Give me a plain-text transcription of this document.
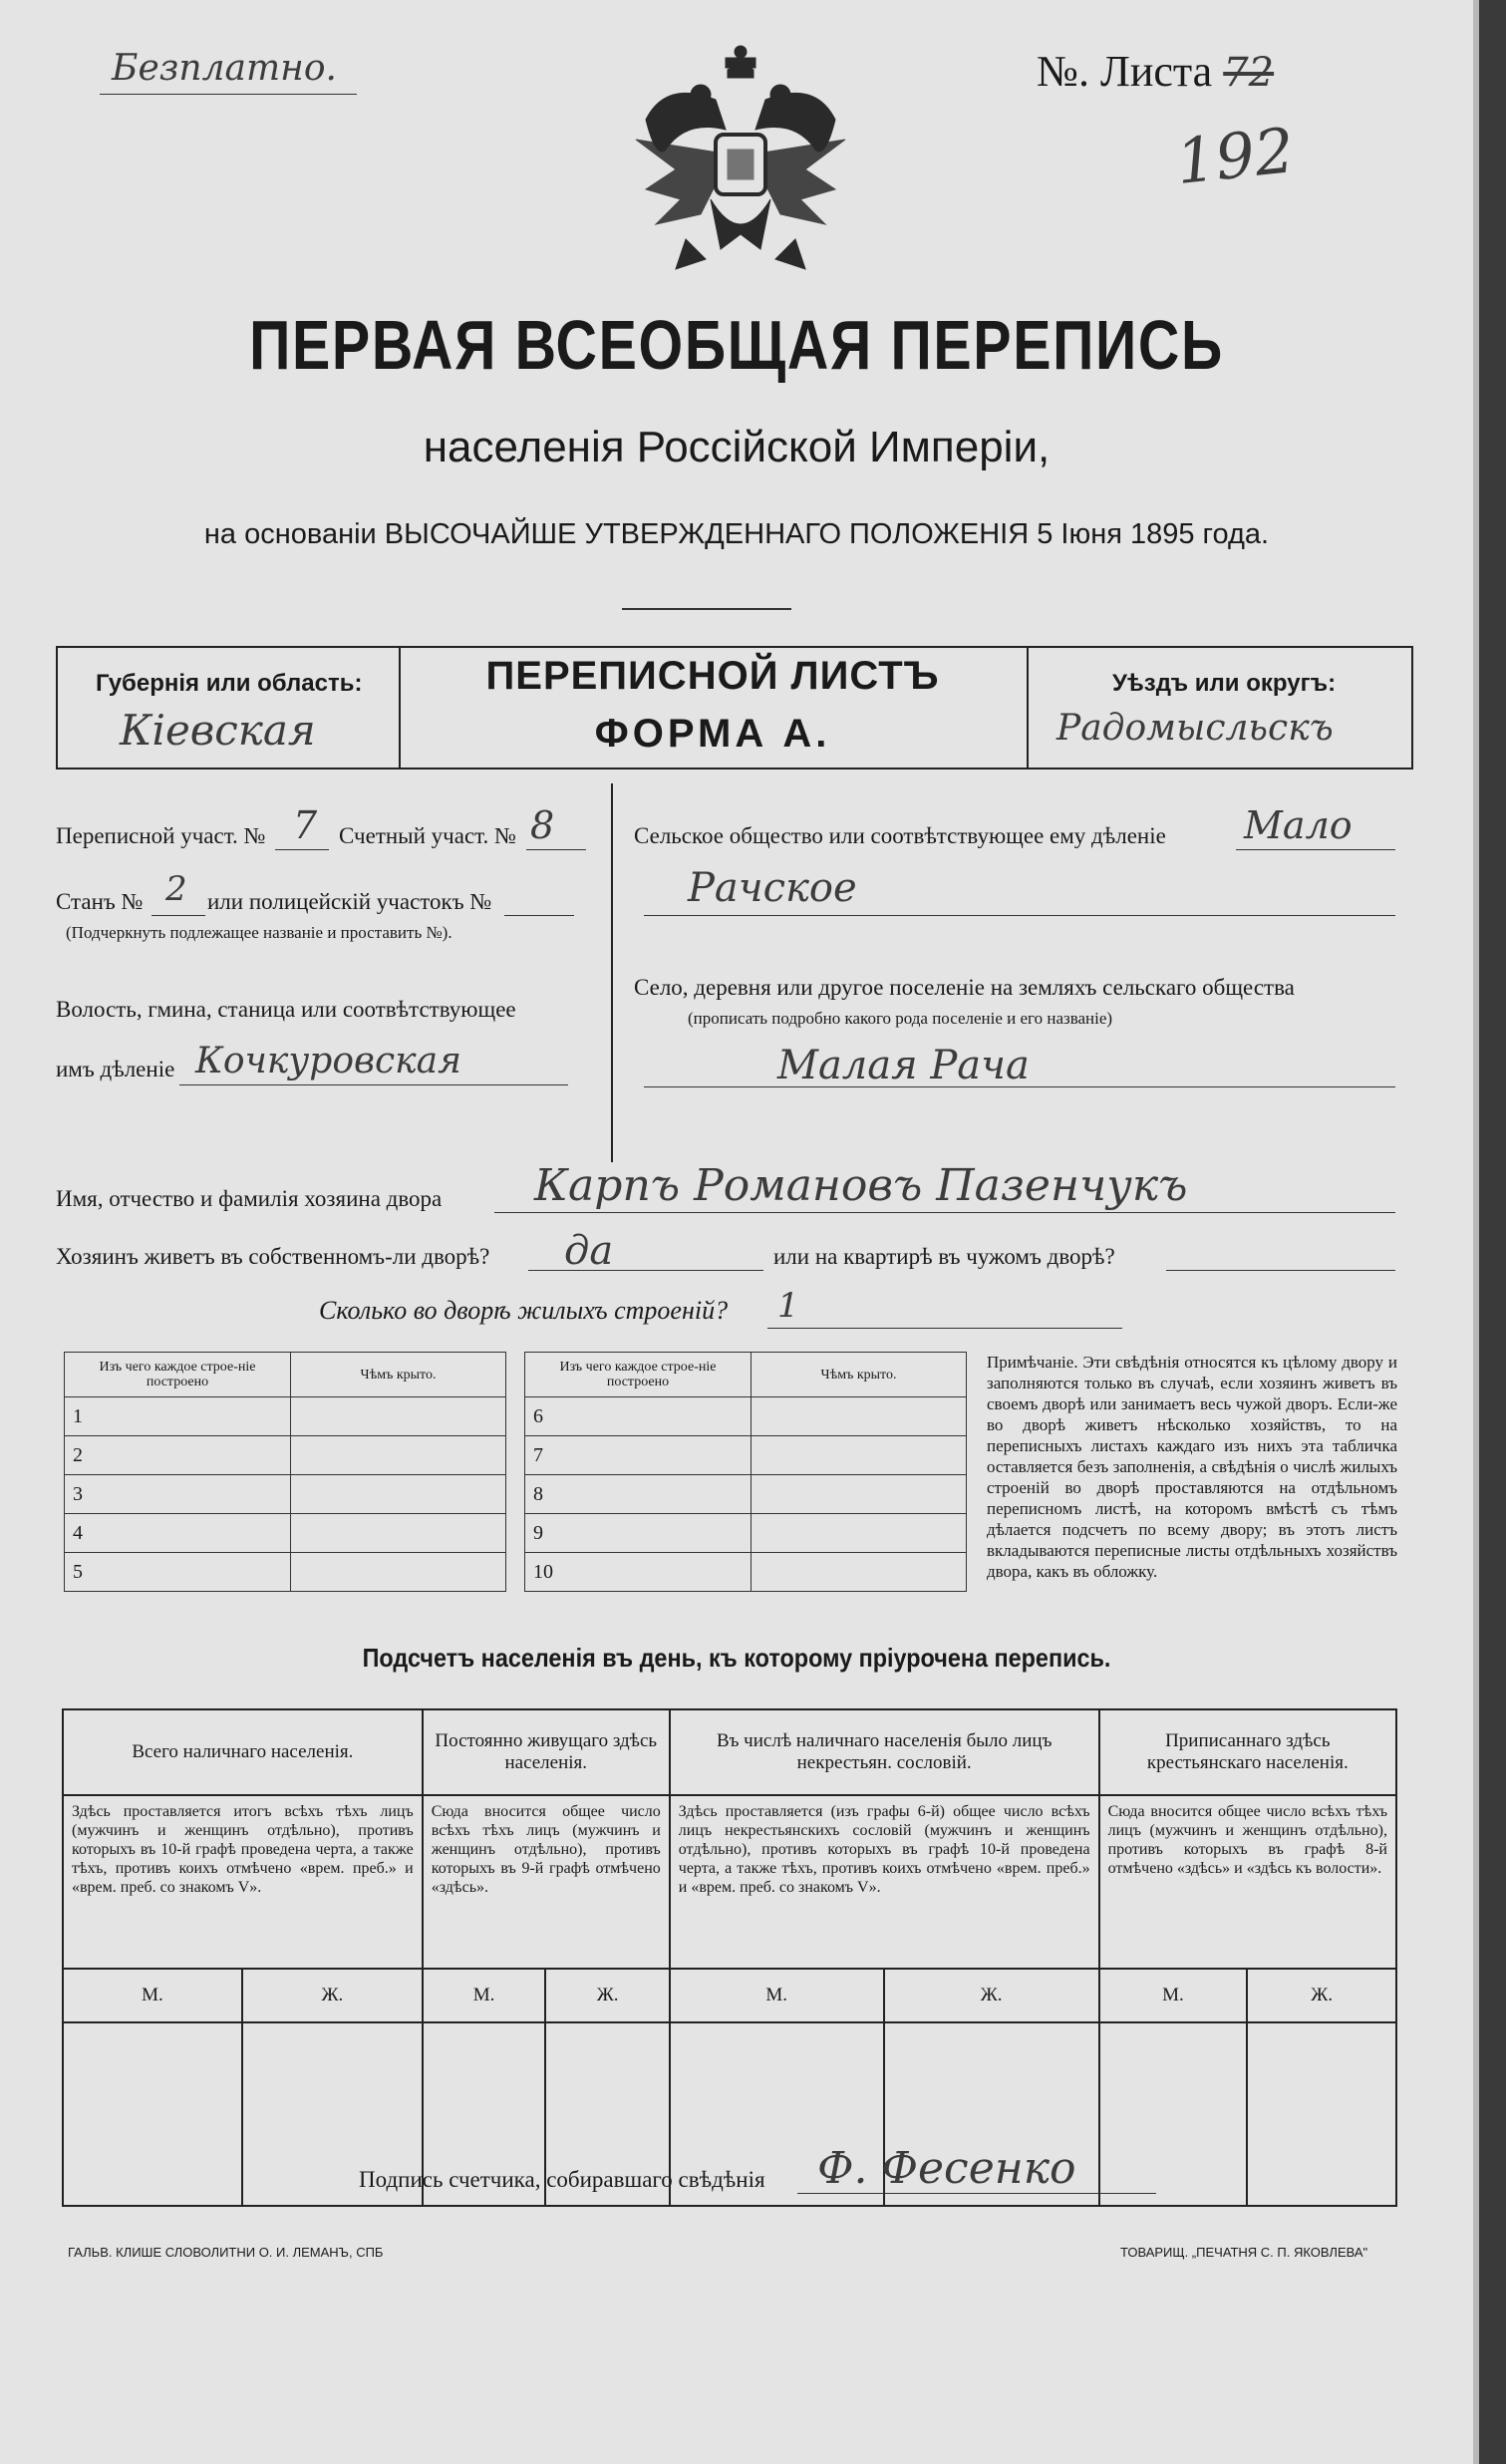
Безплатно.	№. Листа 72
192
ПЕРВАЯ ВСЕОБЩАЯ ПЕРЕПИСЬ
населенія Россійской Имперіи,
на основаніи ВЫСОЧАЙШЕ УТВЕРЖДЕННАГО ПОЛОЖЕНІЯ 5 Іюня 1895 года.
Губернія или область:
Кіевская
ПЕРЕПИСНОЙ ЛИСТЪ
ФОРМА А.
Уѣздъ или округъ:
Радомысльскъ
Переписной участ. № 7 Счетный участ. № 8
Станъ № 2 или полицейскій участокъ №
(Подчеркнуть подлежащее названіе и проставить №).
Волость, гмина, станица или соотвѣтствующее
имъ дѣленіе Кочкуровская
Сельское общество или соотвѣтствующее ему дѣленіе Мало
Рачское
Село, деревня или другое поселеніе на земляхъ сельскаго общества
(прописать подробно какого рода поселеніе и его названіе)
Малая Рача
Имя, отчество и фамилія хозяина двора Карпъ Романовъ Пазенчукъ
Хозяинъ живетъ въ собственномъ-ли дворѣ? да	или на квартирѣ въ чужомъ дворѣ?
Сколько во дворѣ жилыхъ строеній? 1
Изъ чего каждое строе-ніе построено	Чѣмъ крыто.
1	
2	
3	
4	
5	
Изъ чего каждое строе-ніе построено	Чѣмъ крыто.
6	
7	
8	
9	
10	
Примѣчаніе. Эти свѣдѣнія относятся къ цѣлому двору и заполняются только въ случаѣ, если хозяинъ живетъ въ своемъ дворѣ или занимаетъ весь чужой дворъ. Если-же во дворѣ живетъ нѣсколько хозяйствъ, то на переписныхъ листахъ каждаго изъ нихъ эта табличка оставляется безъ заполненія, а свѣдѣнія о числѣ жилыхъ строеній во дворѣ проставляются на отдѣльномъ переписномъ листѣ, на которомъ вмѣстѣ съ тѣмъ дѣлается подсчетъ по всему двору; въ этотъ листъ вкладываются переписные листы отдѣльныхъ хозяйствъ двора, какъ въ обложку.
Подсчетъ населенія въ день, къ которому пріурочена перепись.
Всего наличнаго населенія.		Постоянно живущаго здѣсь населенія.		Въ числѣ наличнаго населенія было лицъ некрестьян. сословій.		Приписаннаго здѣсь крестьянскаго населенія.	
Здѣсь проставляется итогъ всѣхъ тѣхъ лицъ (мужчинъ и женщинъ отдѣльно), противъ которыхъ въ 10-й графѣ проведена черта, а также тѣхъ, противъ коихъ отмѣчено «врем. преб.» и «врем. преб. со знакомъ V».		Сюда вносится общее число всѣхъ тѣхъ лицъ (мужчинъ и женщинъ отдѣльно), противъ которыхъ въ 9-й графѣ отмѣчено «здѣсь».		Здѣсь проставляется (изъ графы 6-й) общее число всѣхъ лицъ некрестьянскихъ сословій (мужчинъ и женщинъ отдѣльно), противъ которыхъ въ графѣ 10-й проведена черта, а также тѣхъ, противъ коихъ отмѣчено «врем. преб.» и «врем. преб. со знакомъ V».		Сюда вносится общее число всѣхъ тѣхъ лицъ (мужчинъ и женщинъ отдѣльно), противъ которыхъ въ графѣ 8-й отмѣчено «здѣсь» и «здѣсь къ волости».	
М.	Ж.	М.	Ж.	М.	Ж.	М.	Ж.

Подпись счетчика, собиравшаго свѣдѣнія Ф. Фесенко
ГАЛЬВ. КЛИШЕ СЛОВОЛИТНИ О. И. ЛЕМАНЪ, СПБ	ТОВАРИЩ. „ПЕЧАТНЯ С. П. ЯКОВЛЕВА"
